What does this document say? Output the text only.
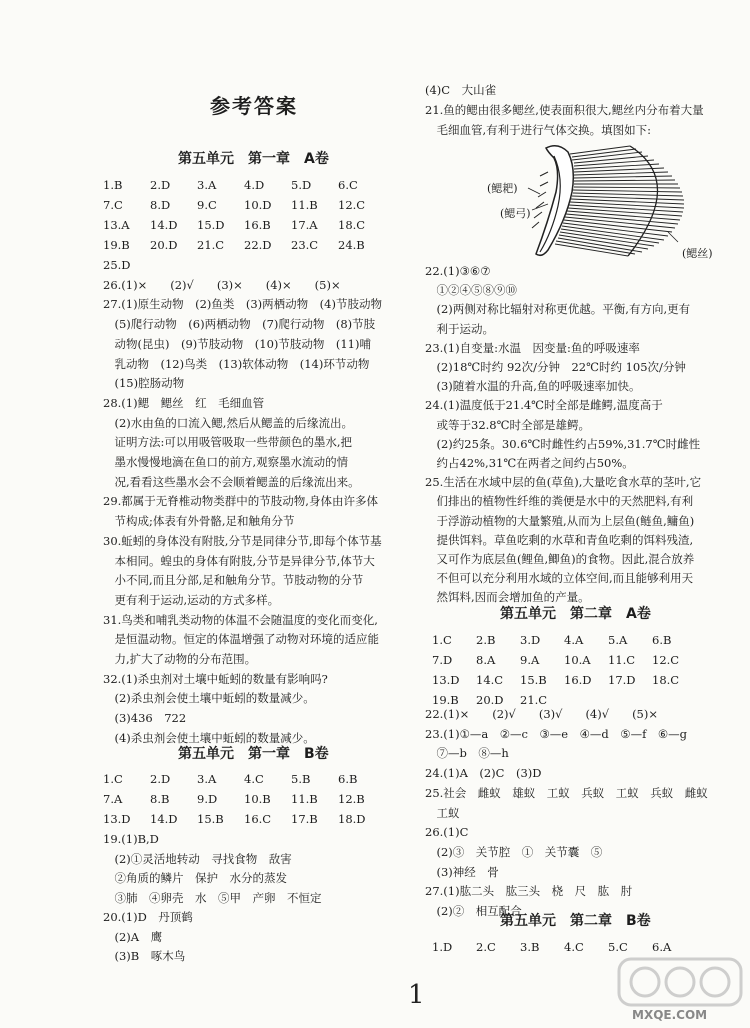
参考答案
第五单元　第一章　A卷
1.B 2.D 3.A 4.D 5.D 6.C
7.C 8.D 9.C 10.D 11.B 12.C
13.A 14.D 15.D 16.B 17.A 18.C
19.B 20.D 21.C 22.D 23.C 24.B
25.D
26.(1)×　　(2)√　　(3)×　　(4)×　　(5)×
27.(1)原生动物　(2)鱼类　(3)两栖动物　(4)节肢动物
　(5)爬行动物　(6)两栖动物　(7)爬行动物　(8)节肢
　动物(昆虫)　(9)节肢动物　(10)节肢动物　(11)哺
　乳动物　(12)鸟类　(13)软体动物　(14)环节动物
　(15)腔肠动物
28.(1)鳃　鳃丝　红　毛细血管
　(2)水由鱼的口流入鳃,然后从鳃盖的后缘流出。
　证明方法:可以用吸管吸取一些带颜色的墨水,把
　墨水慢慢地滴在鱼口的前方,观察墨水流动的情
　况,看看这些墨水会不会顺着鳃盖的后缘流出来。
29.都属于无脊椎动物类群中的节肢动物,身体由许多体
　节构成;体表有外骨骼,足和触角分节
30.蚯蚓的身体没有附肢,分节是同律分节,即每个体节基
　本相同。蝗虫的身体有附肢,分节是异律分节,体节大
　小不同,而且分部,足和触角分节。节肢动物的分节
　更有利于运动,运动的方式多样。
31.鸟类和哺乳类动物的体温不会随温度的变化而变化,
　是恒温动物。恒定的体温增强了动物对环境的适应能
　力,扩大了动物的分布范围。
32.(1)杀虫剂对土壤中蚯蚓的数量有影响吗?
　(2)杀虫剂会使土壤中蚯蚓的数量减少。
　(3)436　722
　(4)杀虫剂会使土壤中蚯蚓的数量减少。
第五单元　第一章　B卷
1.C 2.D 3.A 4.C 5.B 6.B
7.A 8.B 9.D 10.B 11.B 12.B
13.D 14.D 15.B 16.C 17.B 18.D
19.(1)B,D
　(2)①灵活地转动　寻找食物　敌害
　②角质的鳞片　保护　水分的蒸发
　③肺　④卵壳　水　⑤甲　产卵　不恒定
20.(1)D　丹顶鹤
　(2)A　鹰
　(3)B　啄木鸟
(4)C　大山雀
21.鱼的鳃由很多鳃丝,使表面积很大,鳃丝内分布着大量
　毛细血管,有利于进行气体交换。填图如下:
(鳃耙)
(鳃弓)
(鳃丝)
22.(1)③⑥⑦
　①②④⑤⑧⑨⑩
　(2)两侧对称比辐射对称更优越。平衡,有方向,更有
　利于运动。
23.(1)自变量:水温　因变量:鱼的呼吸速率
　(2)18℃时约 92次/分钟　22℃时约 105次/分钟
　(3)随着水温的升高,鱼的呼吸速率加快。
24.(1)温度低于21.4℃时全部是雌鳄,温度高于
　或等于32.8℃时全部是雄鳄。
　(2)约25条。30.6℃时雌性约占59%,31.7℃时雌性
　约占42%,31℃在两者之间约占50%。
25.生活在水域中层的鱼(草鱼),大量吃食水草的茎叶,它
　们排出的植物性纤维的粪便是水中的天然肥料,有利
　于浮游动植物的大量繁殖,从而为上层鱼(鲢鱼,鳙鱼)
　提供饵料。草鱼吃剩的水草和青鱼吃剩的饵料残渣,
　又可作为底层鱼(鲤鱼,鲫鱼)的食物。因此,混合放养
　不但可以充分利用水域的立体空间,而且能够利用天
　然饵料,因而会增加鱼的产量。
第五单元　第二章　A卷
1.C 2.B 3.D 4.A 5.A 6.B
7.D 8.A 9.A 10.A 11.C 12.C
13.D 14.C 15.B 16.D 17.D 18.C
19.B 20.D 21.C
22.(1)×　　(2)√　　(3)√　　(4)√　　(5)×
23.(1)①—a　②—c　③—e　④—d　⑤—f　⑥—g
　⑦—b　⑧—h
24.(1)A　(2)C　(3)D
25.社会　雌蚁　雄蚁　工蚁　兵蚁　工蚁　兵蚁　雌蚁
　工蚁
26.(1)C
　(2)③　关节腔　①　关节囊　⑤
　(3)神经　骨
27.(1)肱二头　肱三头　桡　尺　肱　肘
　(2)②　相互配合
第五单元　第二章　B卷
1.D 2.C 3.B 4.C 5.C 6.A
1
MXQE.COM
